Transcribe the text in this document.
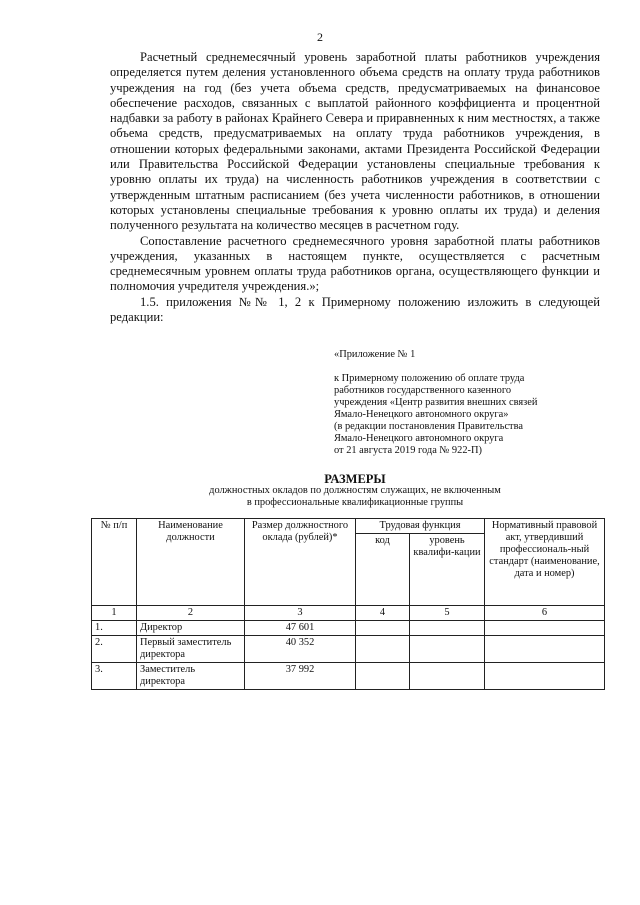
2

Расчетный среднемесячный уровень заработной платы работников учреждения определяется путем деления установленного объема средств на оплату труда работников учреждения на год (без учета объема средств, предусматриваемых на финансовое обеспечение расходов, связанных с выплатой районного коэффициента и процентной надбавки за работу в районах Крайнего Севера и приравненных к ним местностях, а также объема средств, предусматриваемых на оплату труда работников учреждения, в отношении которых федеральными законами, актами Президента Российской Федерации или Правительства Российской Федерации установлены специальные требования к уровню оплаты их труда) на численность работников учреждения в соответствии с утвержденным штатным расписанием (без учета численности работников, в отношении которых установлены специальные требования к уровню оплаты их труда) и деления полученного результата на количество месяцев в расчетном году.

Сопоставление расчетного среднемесячного уровня заработной платы работников учреждения, указанных в настоящем пункте, осуществляется с расчетным среднемесячным уровнем оплаты труда работников органа, осуществляющего функции и полномочия учредителя учреждения.»;

1.5. приложения №№ 1, 2 к Примерному положению изложить в следующей редакции:

«Приложение № 1

к Примерному положению об оплате труда
работников государственного казенного
учреждения «Центр развития внешних связей
Ямало-Ненецкого автономного округа»
(в редакции постановления Правительства
Ямало-Ненецкого автономного округа
от 21 августа 2019 года № 922-П)
РАЗМЕРЫ
должностных окладов по должностям служащих, не включенным
в профессиональные квалификационные группы
№ п/п	Наименование должности	Размер должностного оклада (рублей)*	Трудовая функция		Нормативный правовой акт, утвердивший профессиональ-ный стандарт (наименование, дата и номер)
			код	уровень квалифи-кации	
1	2	3	4	5	6
1.	Директор	47 601			
2.	Первый заместитель директора	40 352			
3.	Заместитель директора	37 992			
